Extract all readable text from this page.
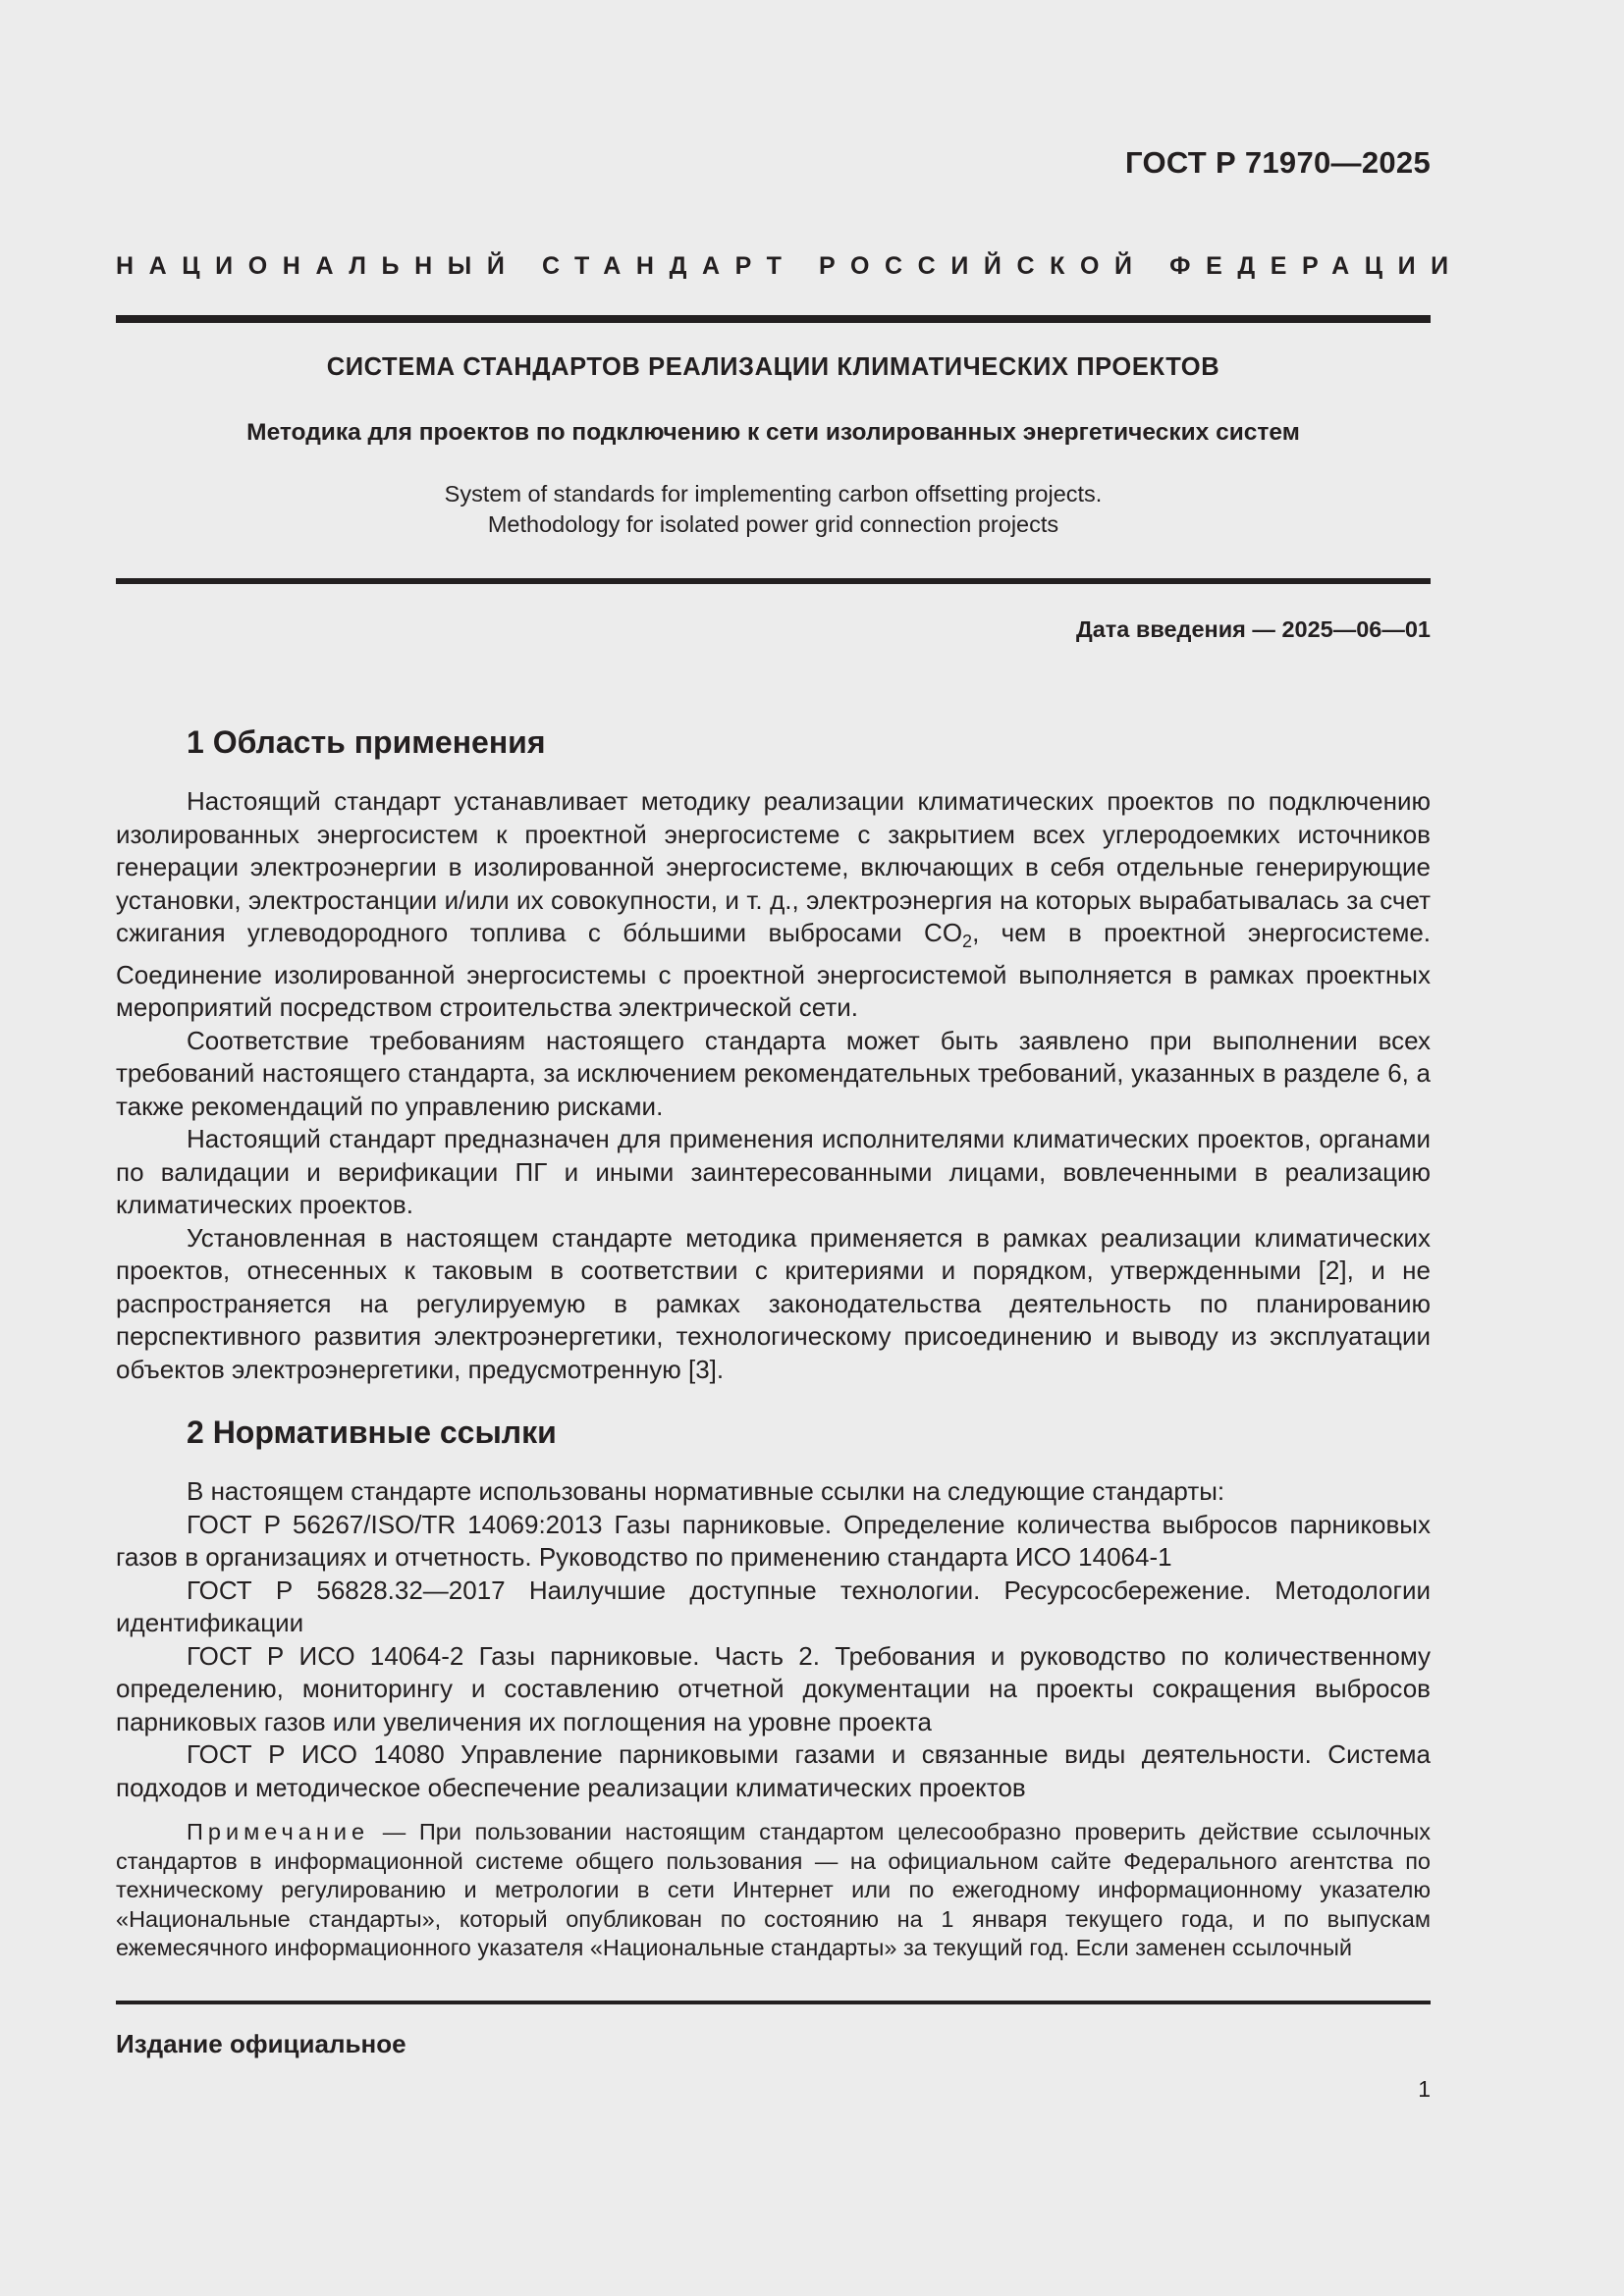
ГОСТ Р 71970—2025
НАЦИОНАЛЬНЫЙ СТАНДАРТ РОССИЙСКОЙ ФЕДЕРАЦИИ
СИСТЕМА СТАНДАРТОВ РЕАЛИЗАЦИИ КЛИМАТИЧЕСКИХ ПРОЕКТОВ
Методика для проектов по подключению к сети изолированных энергетических систем
System of standards for implementing carbon offsetting projects.
Methodology for isolated power grid connection projects
Дата введения — 2025—06—01
1 Область применения

Настоящий стандарт устанавливает методику реализации климатических проектов по подключению изолированных энергосистем к проектной энергосистеме с закрытием всех углеродоемких источников генерации электроэнергии в изолированной энергосистеме, включающих в себя отдельные генерирующие установки, электростанции и/или их совокупности, и т. д., электроэнергия на которых вырабатывалась за счет сжигания углеводородного топлива с бóльшими выбросами $CO_2$, чем в проектной энергосистеме. Соединение изолированной энергосистемы с проектной энергосистемой выполняется в рамках проектных мероприятий посредством строительства электрической сети.

Соответствие требованиям настоящего стандарта может быть заявлено при выполнении всех требований настоящего стандарта, за исключением рекомендательных требований, указанных в разделе 6, а также рекомендаций по управлению рисками.

Настоящий стандарт предназначен для применения исполнителями климатических проектов, органами по валидации и верификации ПГ и иными заинтересованными лицами, вовлеченными в реализацию климатических проектов.

Установленная в настоящем стандарте методика применяется в рамках реализации климатических проектов, отнесенных к таковым в соответствии с критериями и порядком, утвержденными [2], и не распространяется на регулируемую в рамках законодательства деятельность по планированию перспективного развития электроэнергетики, технологическому присоединению и выводу из эксплуатации объектов электроэнергетики, предусмотренную [3].

2 Нормативные ссылки

В настоящем стандарте использованы нормативные ссылки на следующие стандарты:

ГОСТ Р 56267/ISO/TR 14069:2013 Газы парниковые. Определение количества выбросов парниковых газов в организациях и отчетность. Руководство по применению стандарта ИСО 14064-1

ГОСТ Р 56828.32—2017 Наилучшие доступные технологии. Ресурсосбережение. Методологии идентификации

ГОСТ Р ИСО 14064-2 Газы парниковые. Часть 2. Требования и руководство по количественному определению, мониторингу и составлению отчетной документации на проекты сокращения выбросов парниковых газов или увеличения их поглощения на уровне проекта

ГОСТ Р ИСО 14080 Управление парниковыми газами и связанные виды деятельности. Система подходов и методическое обеспечение реализации климатических проектов

Примечание — При пользовании настоящим стандартом целесообразно проверить действие ссылочных стандартов в информационной системе общего пользования — на официальном сайте Федерального агентства по техническому регулированию и метрологии в сети Интернет или по ежегодному информационному указателю «Национальные стандарты», который опубликован по состоянию на 1 января текущего года, и по выпускам ежемесячного информационного указателя «Национальные стандарты» за текущий год. Если заменен ссылочный

Издание официальное
1
